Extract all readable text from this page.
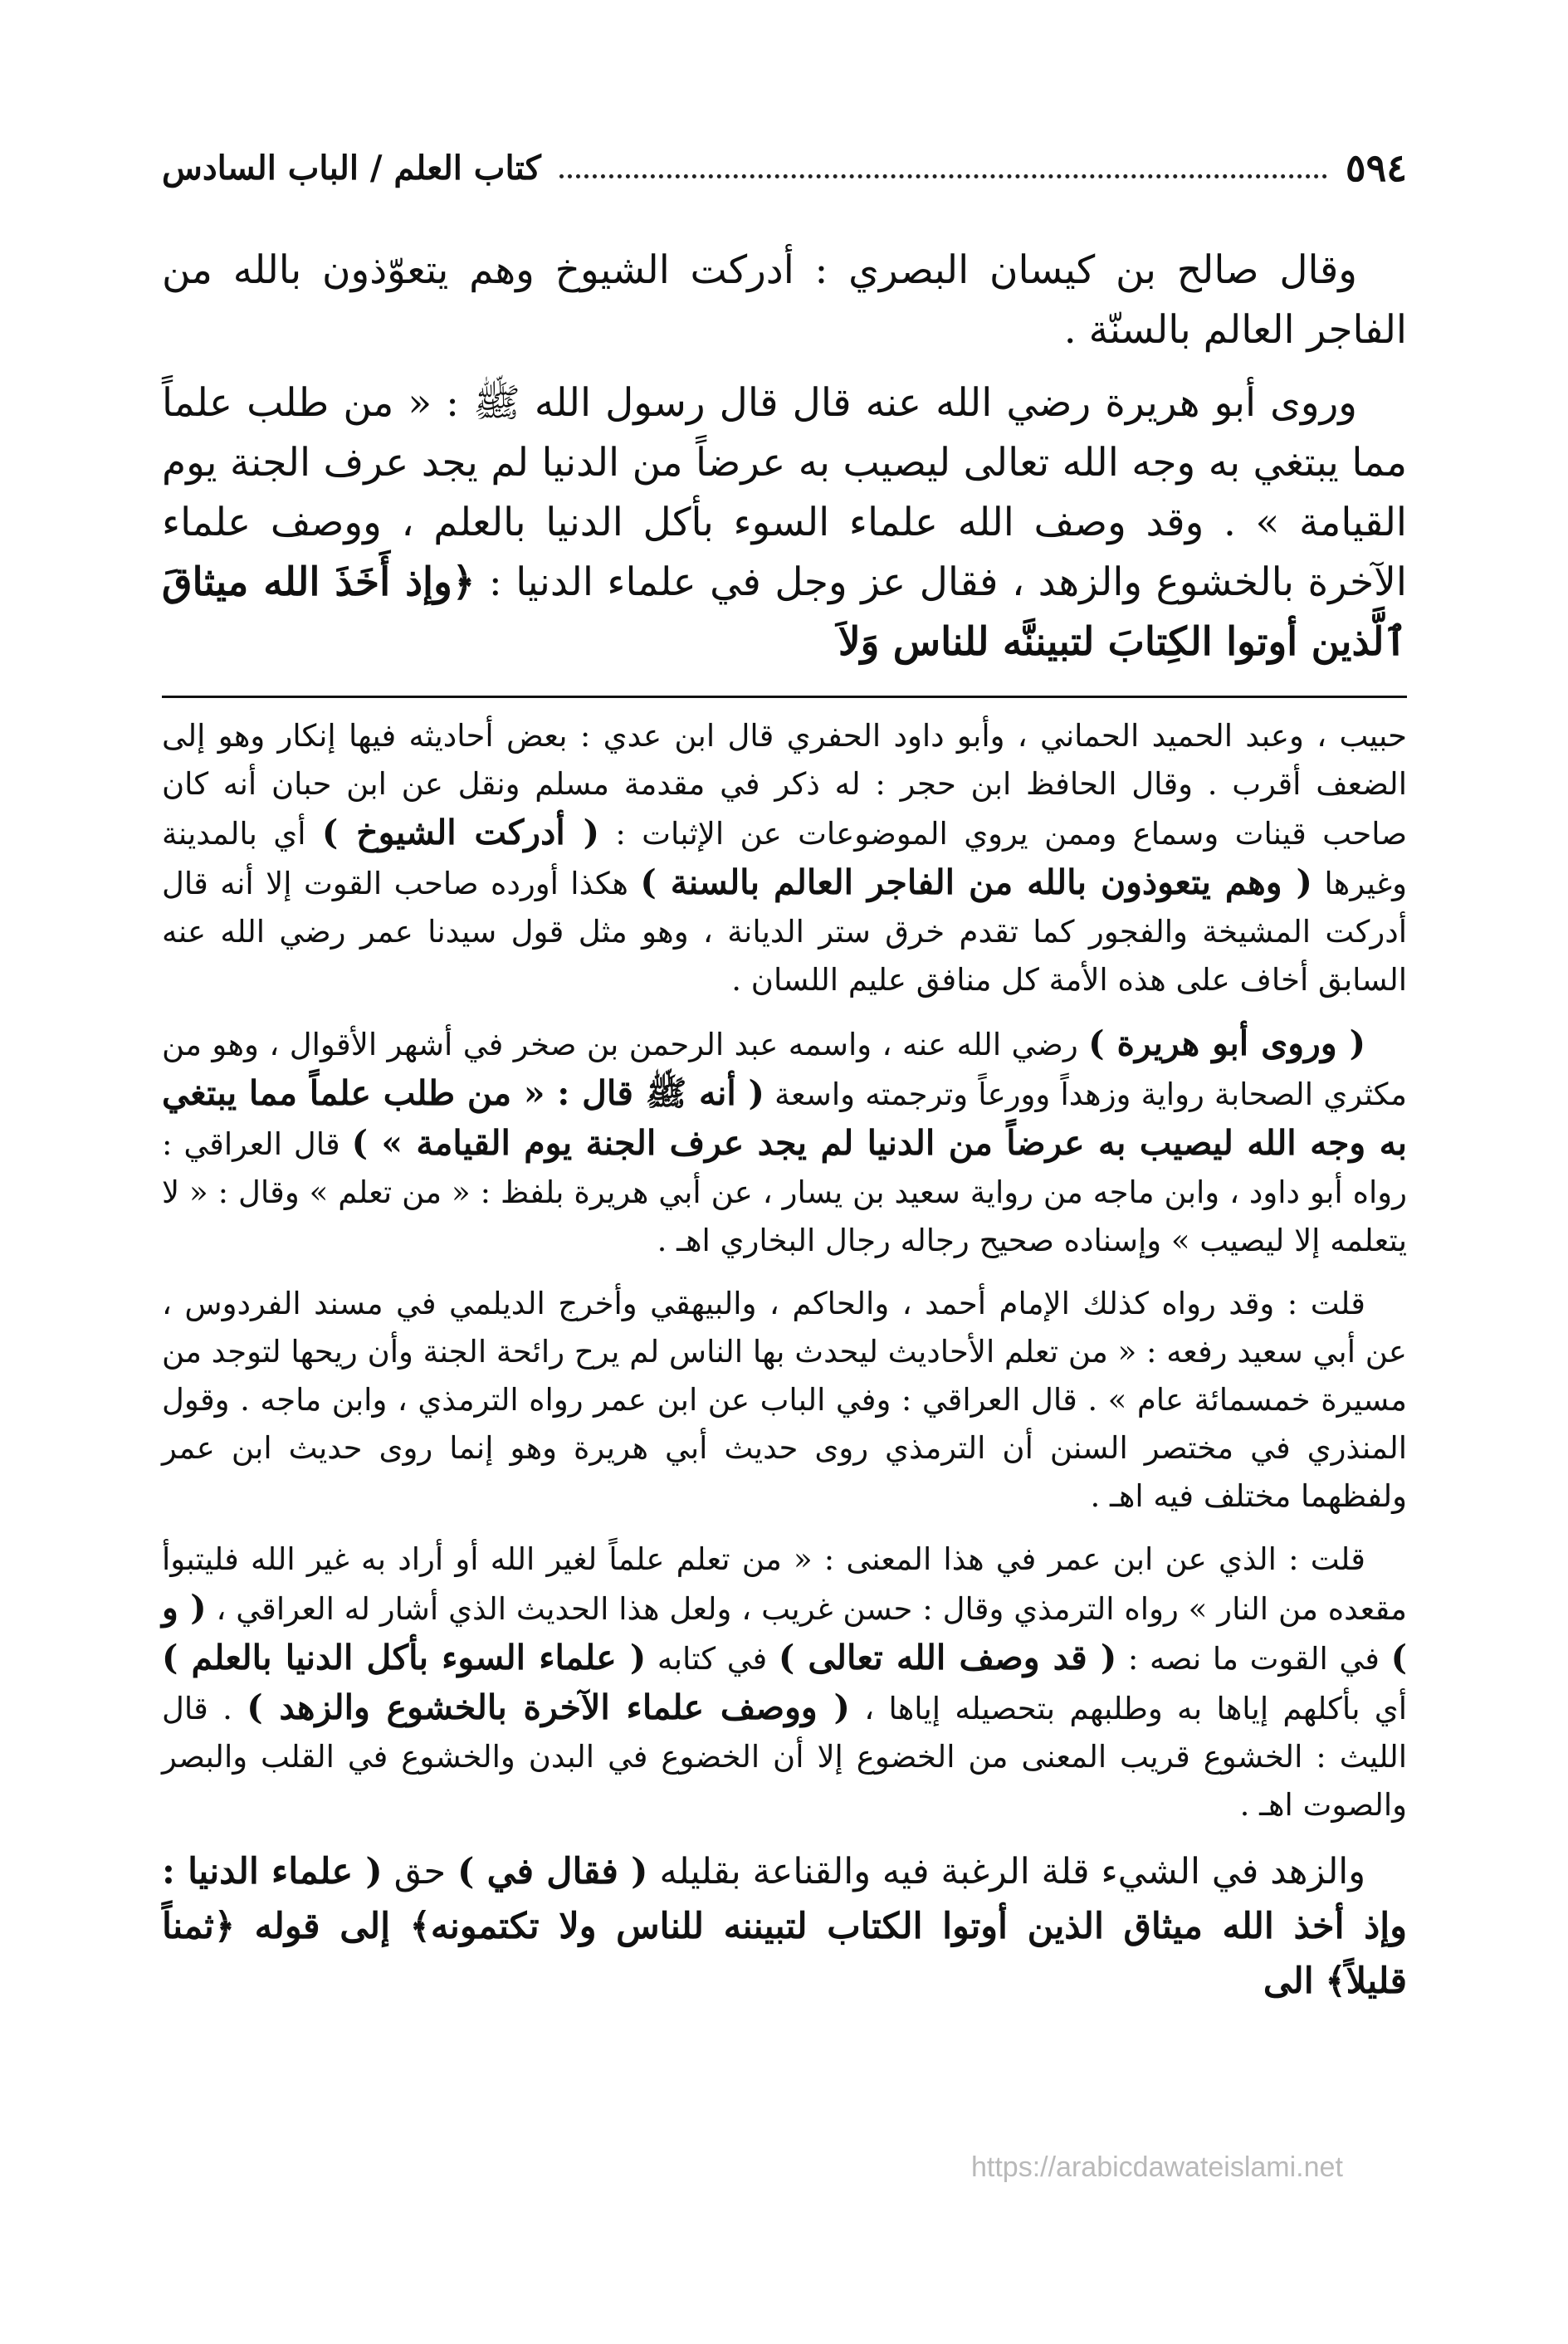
٥٩٤
كتاب العلم / الباب السادس

وقال صالح بن كيسان البصري : أدركت الشيوخ وهم يتعوّذون بالله من الفاجر العالم بالسنّة .

وروى أبو هريرة رضي الله عنه قال قال رسول الله ﷺ : « من طلب علماً مما يبتغي به وجه الله تعالى ليصيب به عرضاً من الدنيا لم يجد عرف الجنة يوم القيامة » . وقد وصف الله علماء السوء بأكل الدنيا بالعلم ، ووصف علماء الآخرة بالخشوع والزهد ، فقال عز وجل في علماء الدنيا : ﴿وإذ أَخَذَ الله ميثاقَ ٱلَّذين أوتوا الكِتابَ لتبيننَّه للناس وَلاَ

حبيب ، وعبد الحميد الحماني ، وأبو داود الحفري قال ابن عدي : بعض أحاديثه فيها إنكار وهو إلى الضعف أقرب . وقال الحافظ ابن حجر : له ذكر في مقدمة مسلم ونقل عن ابن حبان أنه كان صاحب قينات وسماع وممن يروي الموضوعات عن الإثبات : ( أدركت الشيوخ ) أي بالمدينة وغيرها ( وهم يتعوذون بالله من الفاجر العالم بالسنة ) هكذا أورده صاحب القوت إلا أنه قال أدركت المشيخة والفجور كما تقدم خرق ستر الديانة ، وهو مثل قول سيدنا عمر رضي الله عنه السابق أخاف على هذه الأمة كل منافق عليم اللسان .

( وروى أبو هريرة ) رضي الله عنه ، واسمه عبد الرحمن بن صخر في أشهر الأقوال ، وهو من مكثري الصحابة رواية وزهداً وورعاً وترجمته واسعة ( أنه ﷺ قال : « من طلب علماً مما يبتغي به وجه الله ليصيب به عرضاً من الدنيا لم يجد عرف الجنة يوم القيامة » ) قال العراقي : رواه أبو داود ، وابن ماجه من رواية سعيد بن يسار ، عن أبي هريرة بلفظ : « من تعلم » وقال : « لا يتعلمه إلا ليصيب » وإسناده صحيح رجاله رجال البخاري اهـ .

قلت : وقد رواه كذلك الإمام أحمد ، والحاكم ، والبيهقي وأخرج الديلمي في مسند الفردوس ، عن أبي سعيد رفعه : « من تعلم الأحاديث ليحدث بها الناس لم يرح رائحة الجنة وأن ريحها لتوجد من مسيرة خمسمائة عام » . قال العراقي : وفي الباب عن ابن عمر رواه الترمذي ، وابن ماجه . وقول المنذري في مختصر السنن أن الترمذي روى حديث أبي هريرة وهو إنما روى حديث ابن عمر ولفظهما مختلف فيه اهـ .

قلت : الذي عن ابن عمر في هذا المعنى : « من تعلم علماً لغير الله أو أراد به غير الله فليتبوأ مقعده من النار » رواه الترمذي وقال : حسن غريب ، ولعل هذا الحديث الذي أشار له العراقي ، ( و ) في القوت ما نصه : ( قد وصف الله تعالى ) في كتابه ( علماء السوء بأكل الدنيا بالعلم ) أي بأكلهم إياها به وطلبهم بتحصيله إياها ، ( ووصف علماء الآخرة بالخشوع والزهد ) . قال الليث : الخشوع قريب المعنى من الخضوع إلا أن الخضوع في البدن والخشوع في القلب والبصر والصوت اهـ .

والزهد في الشيء قلة الرغبة فيه والقناعة بقليله ( فقال في ) حق ( علماء الدنيا : وإذ أخذ الله ميثاق الذين أوتوا الكتاب لتبيننه للناس ولا تكتمونه﴾ إلى قوله ﴿ثمناً قليلاً﴾ الى

https://arabicdawateislami.net
